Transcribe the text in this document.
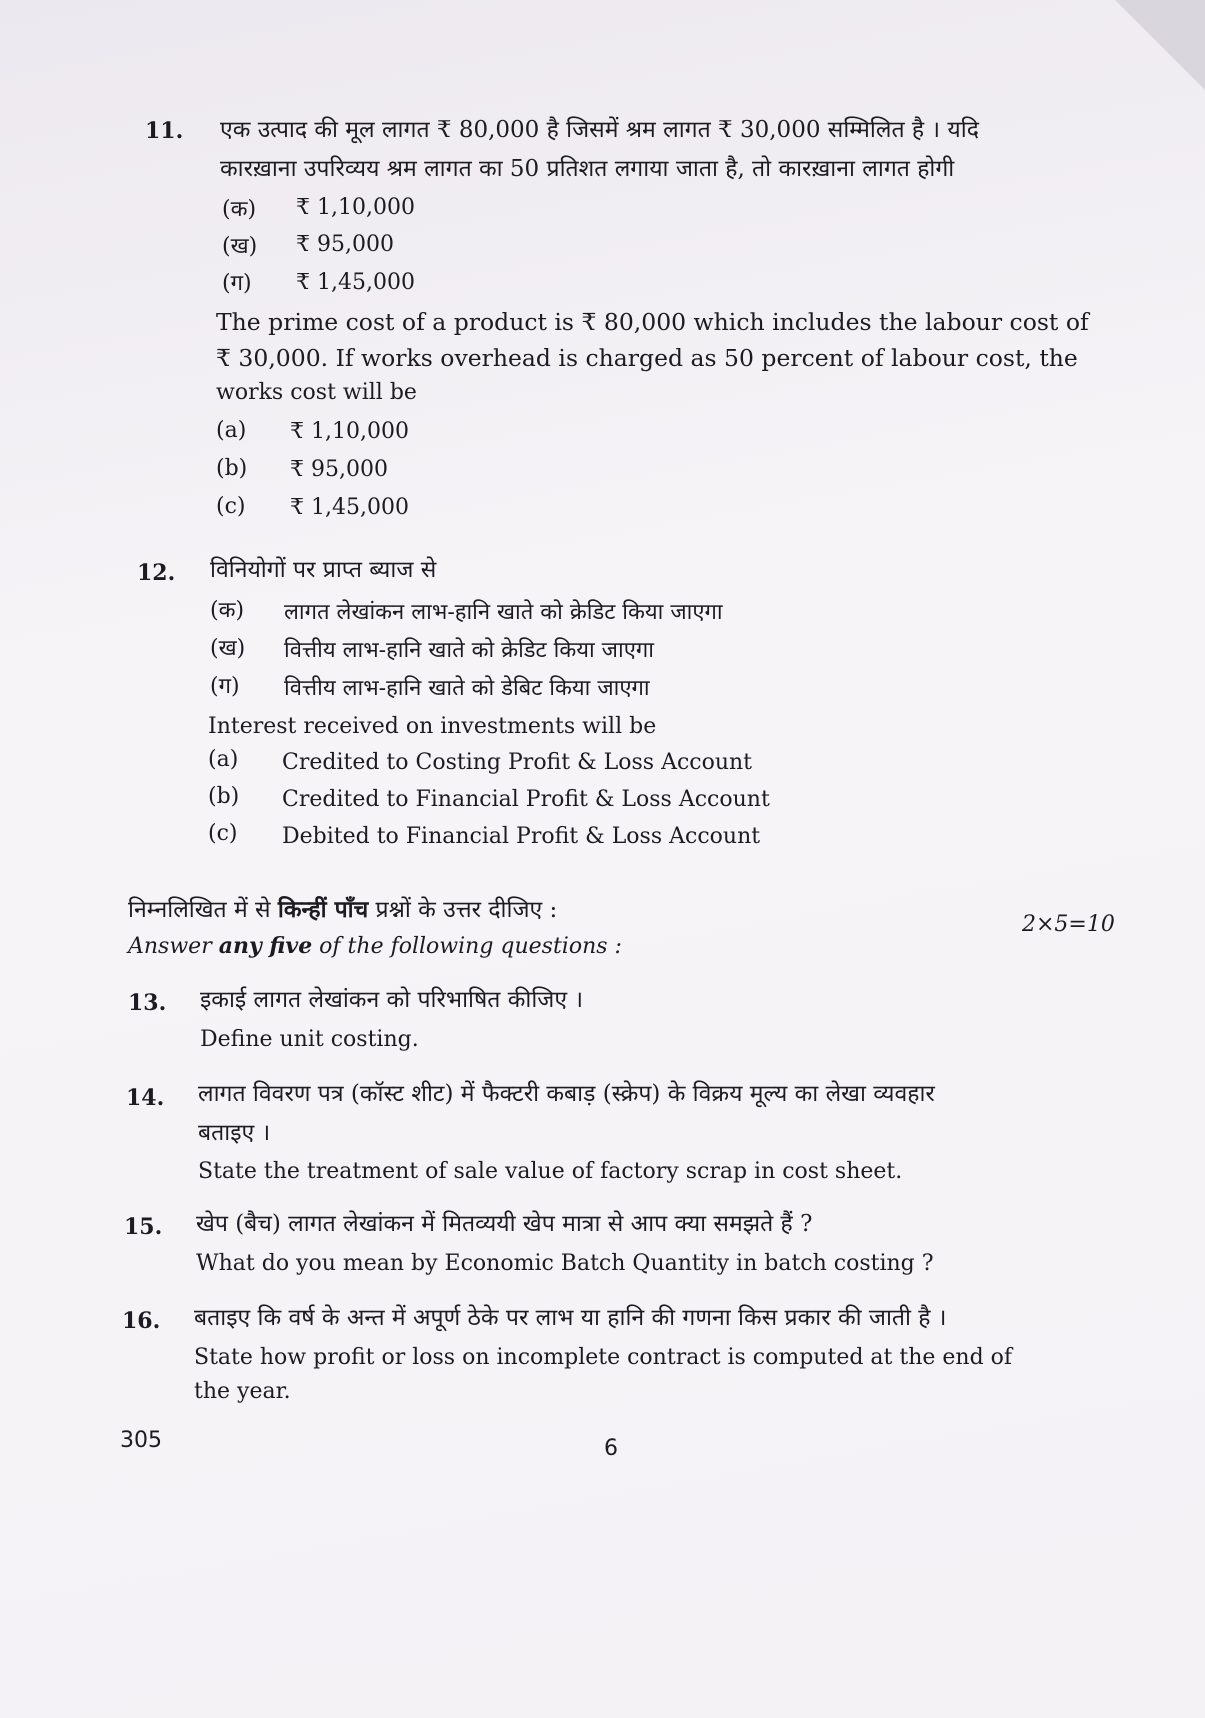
11. एक उत्पाद की मूल लागत ₹ 80,000 है जिसमें श्रम लागत ₹ 30,000 सम्मिलित है । यदि
कारख़ाना उपरिव्यय श्रम लागत का 50 प्रतिशत लगाया जाता है, तो कारख़ाना लागत होगी
(क) ₹ 1,10,000
(ख) ₹ 95,000
(ग) ₹ 1,45,000
The prime cost of a product is ₹ 80,000 which includes the labour cost of
₹ 30,000. If works overhead is charged as 50 percent of labour cost, the
works cost will be
(a) ₹ 1,10,000
(b) ₹ 95,000
(c) ₹ 1,45,000
12. विनियोगों पर प्राप्त ब्याज से
(क) लागत लेखांकन लाभ-हानि खाते को क्रेडिट किया जाएगा
(ख) वित्तीय लाभ-हानि खाते को क्रेडिट किया जाएगा
(ग) वित्तीय लाभ-हानि खाते को डेबिट किया जाएगा
Interest received on investments will be
(a) Credited to Costing Profit & Loss Account
(b) Credited to Financial Profit & Loss Account
(c) Debited to Financial Profit & Loss Account
निम्नलिखित में से किन्हीं पाँच प्रश्नों के उत्तर दीजिए :
Answer any five of the following questions :
2×5=10
13. इकाई लागत लेखांकन को परिभाषित कीजिए ।
Define unit costing.
14. लागत विवरण पत्र (कॉस्ट शीट) में फैक्टरी कबाड़ (स्क्रेप) के विक्रय मूल्य का लेखा व्यवहार
बताइए ।
State the treatment of sale value of factory scrap in cost sheet.
15. खेप (बैच) लागत लेखांकन में मितव्ययी खेप मात्रा से आप क्या समझते हैं ?
What do you mean by Economic Batch Quantity in batch costing ?
16. बताइए कि वर्ष के अन्त में अपूर्ण ठेके पर लाभ या हानि की गणना किस प्रकार की जाती है ।
State how profit or loss on incomplete contract is computed at the end of
the year.
305	6
